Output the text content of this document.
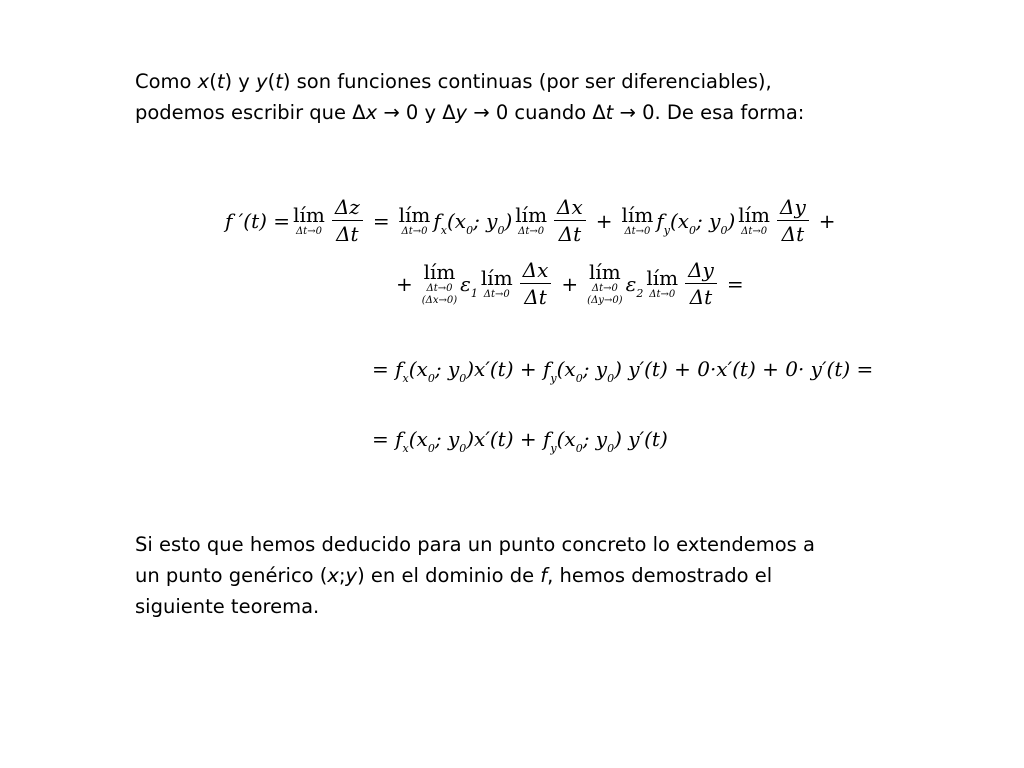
Como x(t) y y(t) son funciones continuas (por ser diferenciables),
podemos escribir que Δx → 0 y Δy → 0 cuando Δt → 0. De esa forma:

f ′(t) = lím
$\Delta t\to 0 \frac{\Delta z}{\Delta t}$ = lím
Δt→0 $f_x(x_0$; $y_0$) lím
$\Delta t\to 0 \frac{\Delta x}{\Delta t}$ + lím
Δt→0 $f_y(x_0$; $y_0$) lím
$\Delta t\to 0 \frac{\Delta y}{\Delta t}$ +
+ lím
Δt→0
(Δx→0)
$\varepsilon_1$
lím
$\Delta t\to 0 \frac{\Delta x}{\Delta t}$ + lím
Δt→0
(Δy→0)
$\varepsilon_2$
lím
$\Delta t\to 0 \frac{\Delta y}{\Delta t}$ =
= $f_x(x_0$; $y_0)x'(t) + f_y(x_0$; $y_0$) y′(t) + 0·x′(t) + 0· y′(t) =
= $f_x(x_0$; $y_0)x'(t) + f_y(x_0$; $y_0$) y′(t)

Si esto que hemos deducido para un punto concreto lo extendemos a
un punto genérico (x;y) en el dominio de f, hemos demostrado el
siguiente teorema.
